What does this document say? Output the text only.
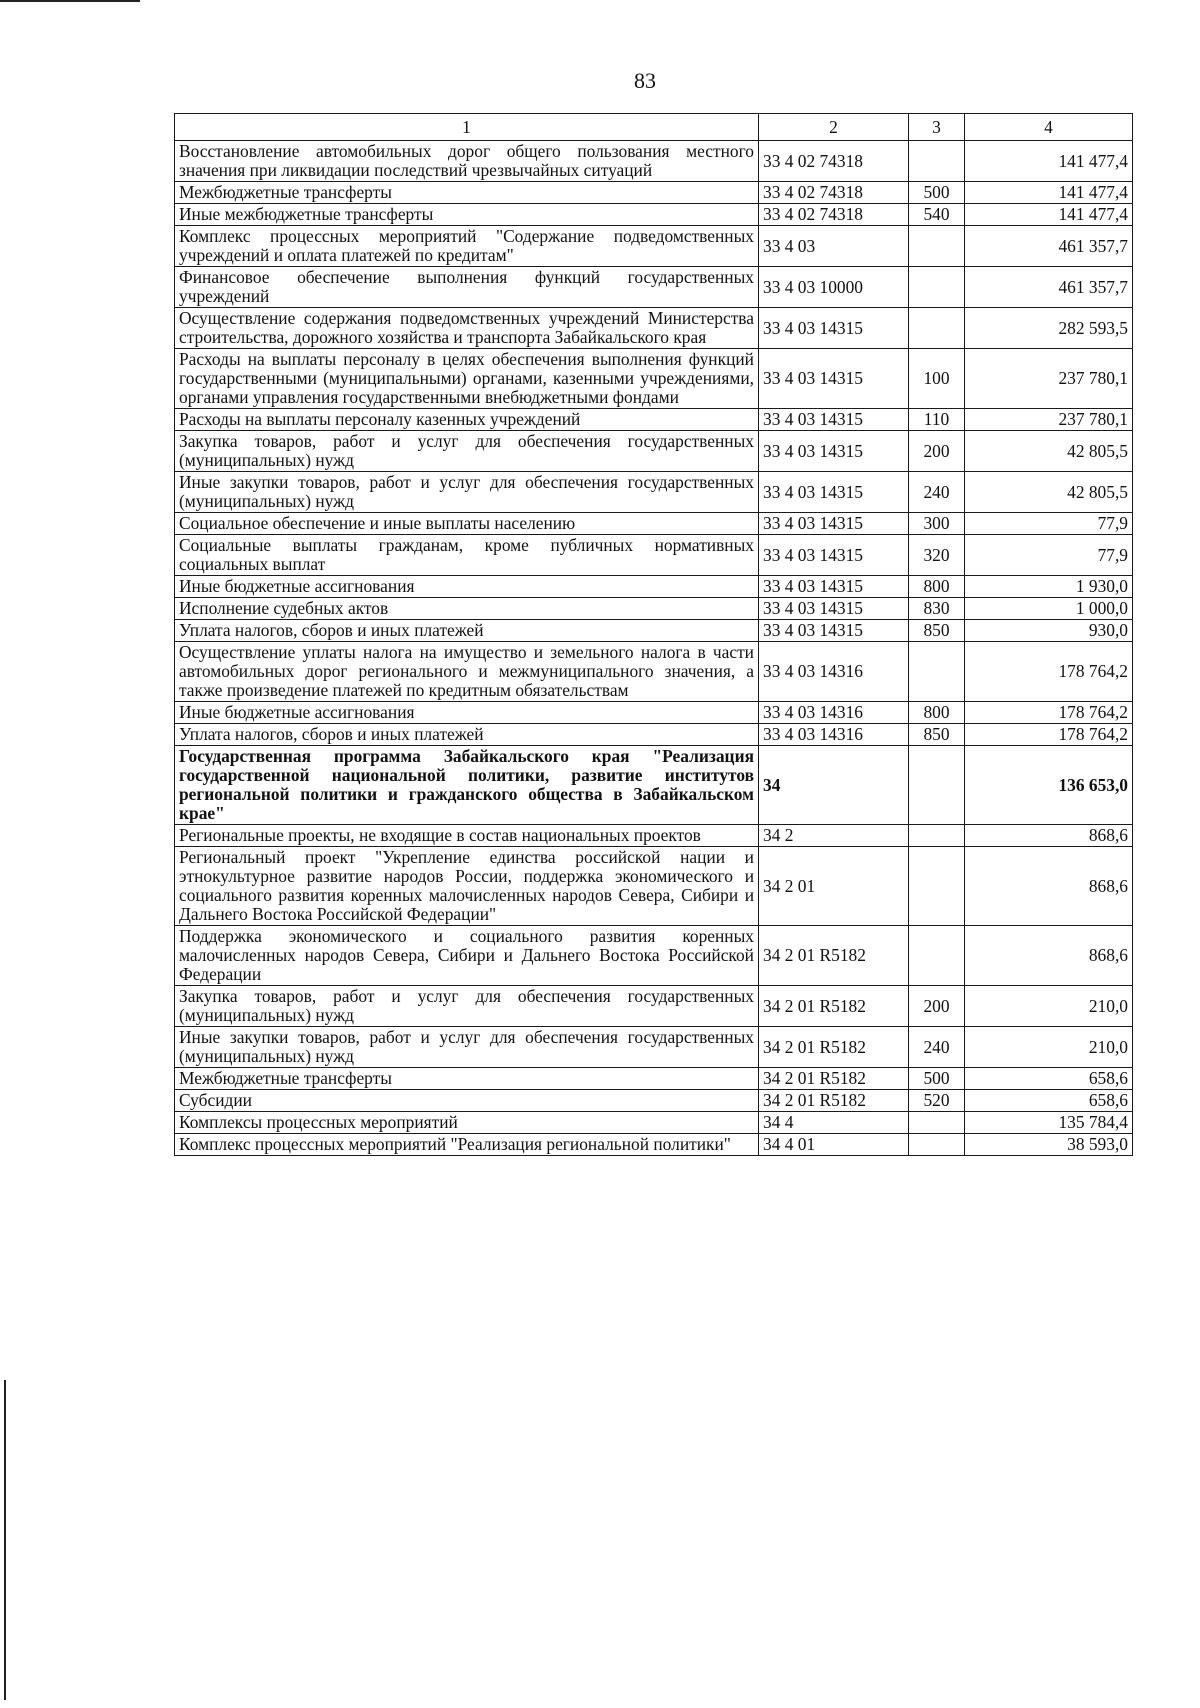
83
1	2	3	4
Восстановление автомобильных дорог общего пользования местного значения при ликвидации последствий чрезвычайных ситуаций	33 4 02 74318		141 477,4
Межбюджетные трансферты	33 4 02 74318	500	141 477,4
Иные межбюджетные трансферты	33 4 02 74318	540	141 477,4
Комплекс процессных мероприятий "Содержание подведомственных учреждений и оплата платежей по кредитам"	33 4 03		461 357,7
Финансовое обеспечение выполнения функций государственных учреждений	33 4 03 10000		461 357,7
Осуществление содержания подведомственных учреждений Министерства строительства, дорожного хозяйства и транспорта Забайкальского края	33 4 03 14315		282 593,5
Расходы на выплаты персоналу в целях обеспечения выполнения функций государственными (муниципальными) органами, казенными учреждениями, органами управления государственными внебюджетными фондами	33 4 03 14315	100	237 780,1
Расходы на выплаты персоналу казенных учреждений	33 4 03 14315	110	237 780,1
Закупка товаров, работ и услуг для обеспечения государственных (муниципальных) нужд	33 4 03 14315	200	42 805,5
Иные закупки товаров, работ и услуг для обеспечения государственных (муниципальных) нужд	33 4 03 14315	240	42 805,5
Социальное обеспечение и иные выплаты населению	33 4 03 14315	300	77,9
Социальные выплаты гражданам, кроме публичных нормативных социальных выплат	33 4 03 14315	320	77,9
Иные бюджетные ассигнования	33 4 03 14315	800	1 930,0
Исполнение судебных актов	33 4 03 14315	830	1 000,0
Уплата налогов, сборов и иных платежей	33 4 03 14315	850	930,0
Осуществление уплаты налога на имущество и земельного налога в части автомобильных дорог регионального и межмуниципального значения, а также произведение платежей по кредитным обязательствам	33 4 03 14316		178 764,2
Иные бюджетные ассигнования	33 4 03 14316	800	178 764,2
Уплата налогов, сборов и иных платежей	33 4 03 14316	850	178 764,2
Государственная программа Забайкальского края "Реализация государственной национальной политики, развитие институтов региональной политики и гражданского общества в Забайкальском крае"	34		136 653,0
Региональные проекты, не входящие в состав национальных проектов	34 2		868,6
Региональный проект "Укрепление единства российской нации и этнокультурное развитие народов России, поддержка экономического и социального развития коренных малочисленных народов Севера, Сибири и Дальнего Востока Российской Федерации"	34 2 01		868,6
Поддержка экономического и социального развития коренных малочисленных народов Севера, Сибири и Дальнего Востока Российской Федерации	34 2 01 R5182		868,6
Закупка товаров, работ и услуг для обеспечения государственных (муниципальных) нужд	34 2 01 R5182	200	210,0
Иные закупки товаров, работ и услуг для обеспечения государственных (муниципальных) нужд	34 2 01 R5182	240	210,0
Межбюджетные трансферты	34 2 01 R5182	500	658,6
Субсидии	34 2 01 R5182	520	658,6
Комплексы процессных мероприятий	34 4		135 784,4
Комплекс процессных мероприятий "Реализация региональной политики"	34 4 01		38 593,0
